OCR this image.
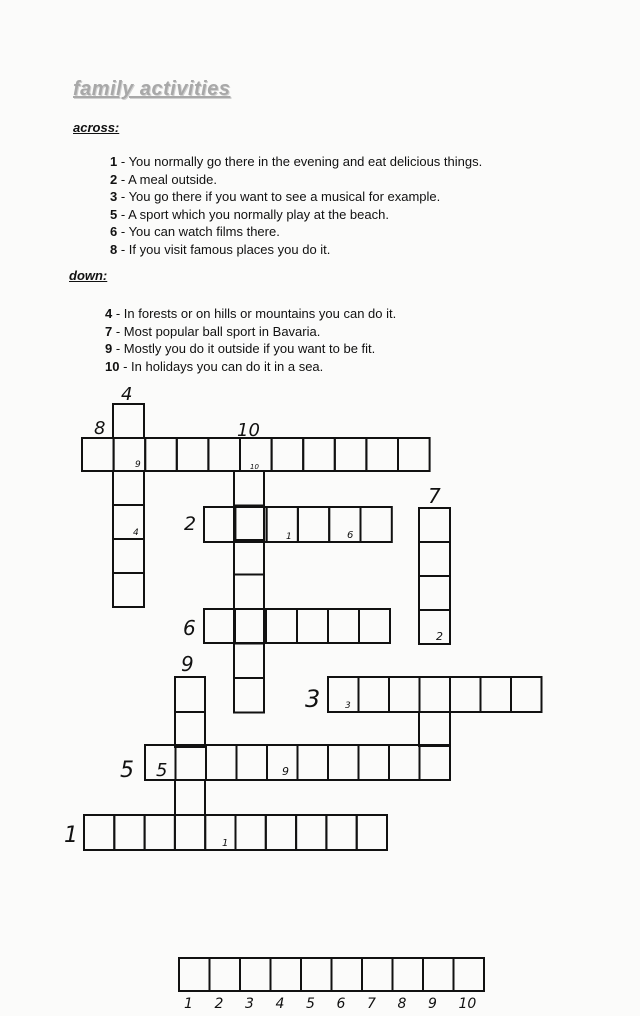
family activities
across:
1 - You normally go there in the evening and eat delicious things.
2 - A meal outside.
3 - You go there if you want to see a musical for example.
5 - A sport which you normally play at the beach.
6 - You can watch films there.
8 - If you visit famous places you do it.
down:
4 - In forests or on hills or mountains you can do it.
7 - Most popular ball sport in Bavaria.
9 - Mostly you do it outside if you want to be fit.
10 - In holidays you can do it in a sea.
8
4
10
7
2
6
9
3
5
1
9	10
4	1	6
2
3
5	9
1
1 2 3 4 5 6 7 8 9 10
